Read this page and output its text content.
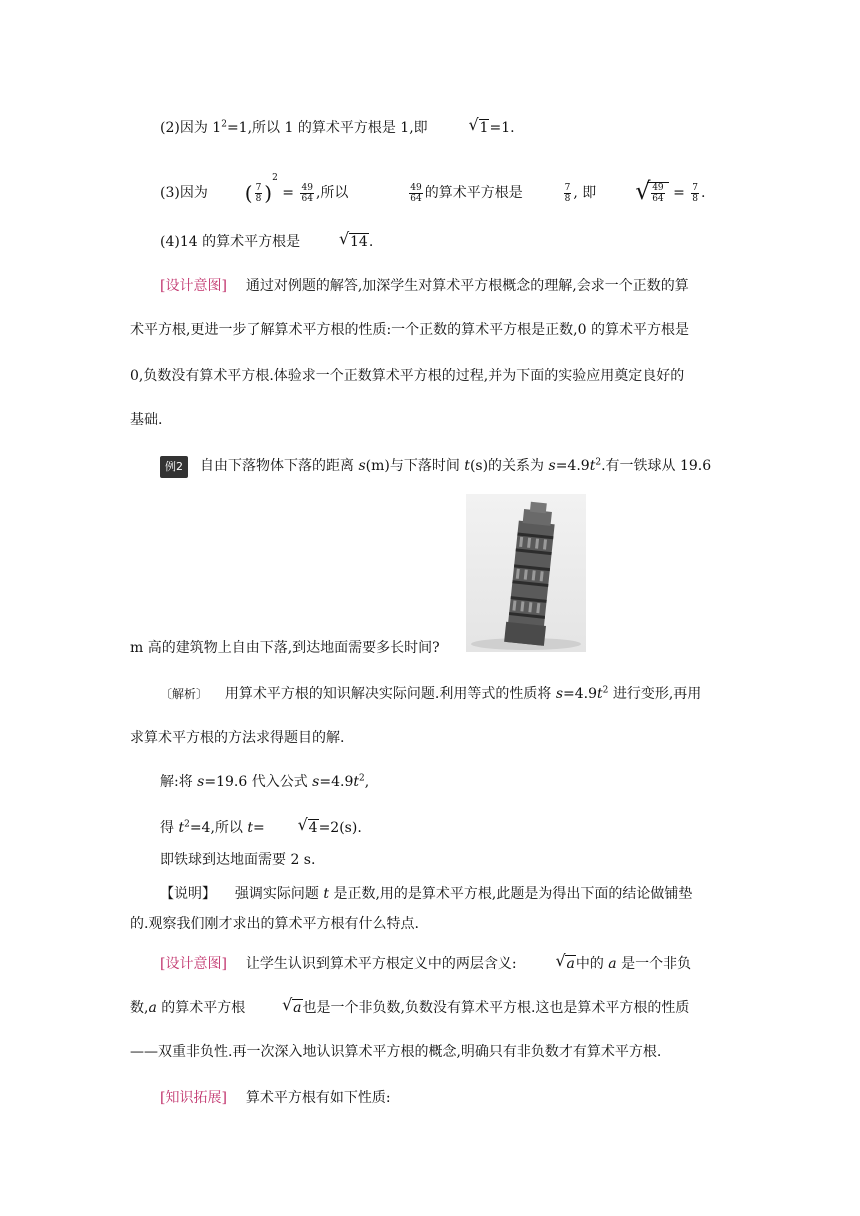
(2)因为 $1^2=1$,所以 1 的算术平方根是 1,即	√ 1=1.
(3)因为 ( $\frac{7}{8} )^2 = \frac{49}{64}$ ,所以	$\frac{49}{64}$ 的算术平方根是	$\frac{7}{8}$ , 即	√ $\frac{49}{64} = \frac{7}{8}$ .
(4)14 的算术平方根是	√ 14.
[设计意图] 通过对例题的解答,加深学生对算术平方根概念的理解,会求一个正数的算
术平方根,更进一步了解算术平方根的性质:一个正数的算术平方根是正数,0 的算术平方根是
0,负数没有算术平方根.体验求一个正数算术平方根的过程,并为下面的实验应用奠定良好的
基础.
例2 自由下落物体下落的距离 s(m)与下落时间 t(s)的关系为 $s=4.9t^2$.有一铁球从 19.6
m 高的建筑物上自由下落,到达地面需要多长时间?
〔解析〕 用算术平方根的知识解决实际问题.利用等式的性质将 $s=4.9t^2$ 进行变形,再用
求算术平方根的方法求得题目的解.
解:将 s=19.6 代入公式 $s=4.9t^2$,
得 $t^2=4$,所以 t=	√ 4=2(s).
即铁球到达地面需要 2 s.
【说明】 强调实际问题 t 是正数,用的是算术平方根,此题是为得出下面的结论做铺垫
的.观察我们刚才求出的算术平方根有什么特点.
[设计意图] 让学生认识到算术平方根定义中的两层含义:	√ a中的 a 是一个非负
数,a 的算术平方根	√ a也是一个非负数,负数没有算术平方根.这也是算术平方根的性质
——双重非负性.再一次深入地认识算术平方根的概念,明确只有非负数才有算术平方根.
[知识拓展] 算术平方根有如下性质:
